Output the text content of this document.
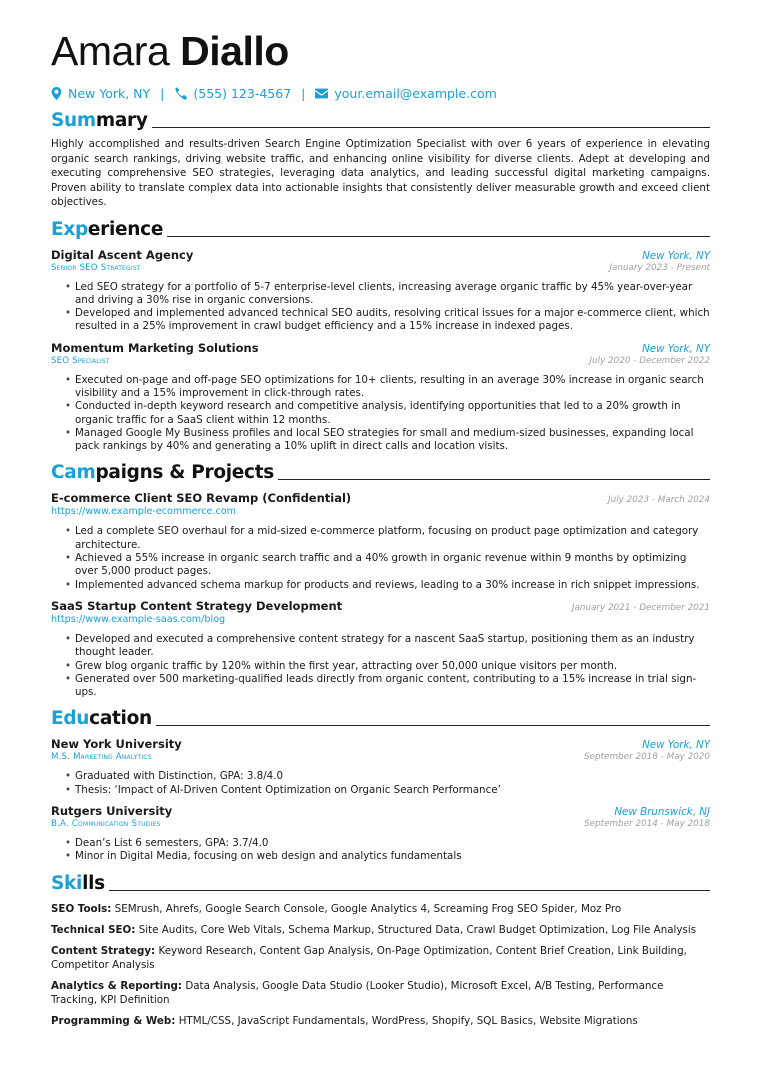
Amara Diallo
New York, NY | (555) 123-4567 | your.email@example.com
Summary

Highly accomplished and results-driven Search Engine Optimization Specialist with over 6 years of experience in elevating organic search rankings, driving website traffic, and enhancing online visibility for diverse clients. Adept at developing and executing comprehensive SEO strategies, leveraging data analytics, and leading successful digital marketing campaigns. Proven ability to translate complex data into actionable insights that consistently deliver measurable growth and exceed client objectives.

Experience
Digital Ascent Agency	New York, NY
Senior SEO Strategist	January 2023 - Present
• Led SEO strategy for a portfolio of 5-7 enterprise-level clients, increasing average organic traffic by 45% year-over-year and driving a 30% rise in organic conversions.
• Developed and implemented advanced technical SEO audits, resolving critical issues for a major e-commerce client, which resulted in a 25% improvement in crawl budget efficiency and a 15% increase in indexed pages.
Momentum Marketing Solutions	New York, NY
SEO Specialist	July 2020 - December 2022
• Executed on-page and off-page SEO optimizations for 10+ clients, resulting in an average 30% increase in organic search visibility and a 15% improvement in click-through rates.
• Conducted in-depth keyword research and competitive analysis, identifying opportunities that led to a 20% growth in organic traffic for a SaaS client within 12 months.
• Managed Google My Business profiles and local SEO strategies for small and medium-sized businesses, expanding local pack rankings by 40% and generating a 10% uplift in direct calls and location visits.
Campaigns & Projects
E-commerce Client SEO Revamp (Confidential)	July 2023 - March 2024
https://www.example-ecommerce.com
• Led a complete SEO overhaul for a mid-sized e-commerce platform, focusing on product page optimization and category architecture.
• Achieved a 55% increase in organic search traffic and a 40% growth in organic revenue within 9 months by optimizing over 5,000 product pages.
• Implemented advanced schema markup for products and reviews, leading to a 30% increase in rich snippet impressions.
SaaS Startup Content Strategy Development	January 2021 - December 2021
https://www.example-saas.com/blog
• Developed and executed a comprehensive content strategy for a nascent SaaS startup, positioning them as an industry thought leader.
• Grew blog organic traffic by 120% within the first year, attracting over 50,000 unique visitors per month.
• Generated over 500 marketing-qualified leads directly from organic content, contributing to a 15% increase in trial sign-ups.
Education
New York University	New York, NY
M.S. Marketing Analytics	September 2018 - May 2020
• Graduated with Distinction, GPA: 3.8/4.0
• Thesis: ‘Impact of AI-Driven Content Optimization on Organic Search Performance’
Rutgers University	New Brunswick, NJ
B.A. Communication Studies	September 2014 - May 2018
• Dean’s List 6 semesters, GPA: 3.7/4.0
• Minor in Digital Media, focusing on web design and analytics fundamentals
Skills
SEO Tools: SEMrush, Ahrefs, Google Search Console, Google Analytics 4, Screaming Frog SEO Spider, Moz Pro
Technical SEO: Site Audits, Core Web Vitals, Schema Markup, Structured Data, Crawl Budget Optimization, Log File Analysis
Content Strategy: Keyword Research, Content Gap Analysis, On-Page Optimization, Content Brief Creation, Link Building, Competitor Analysis
Analytics & Reporting: Data Analysis, Google Data Studio (Looker Studio), Microsoft Excel, A/B Testing, Performance Tracking, KPI Definition
Programming & Web: HTML/CSS, JavaScript Fundamentals, WordPress, Shopify, SQL Basics, Website Migrations
